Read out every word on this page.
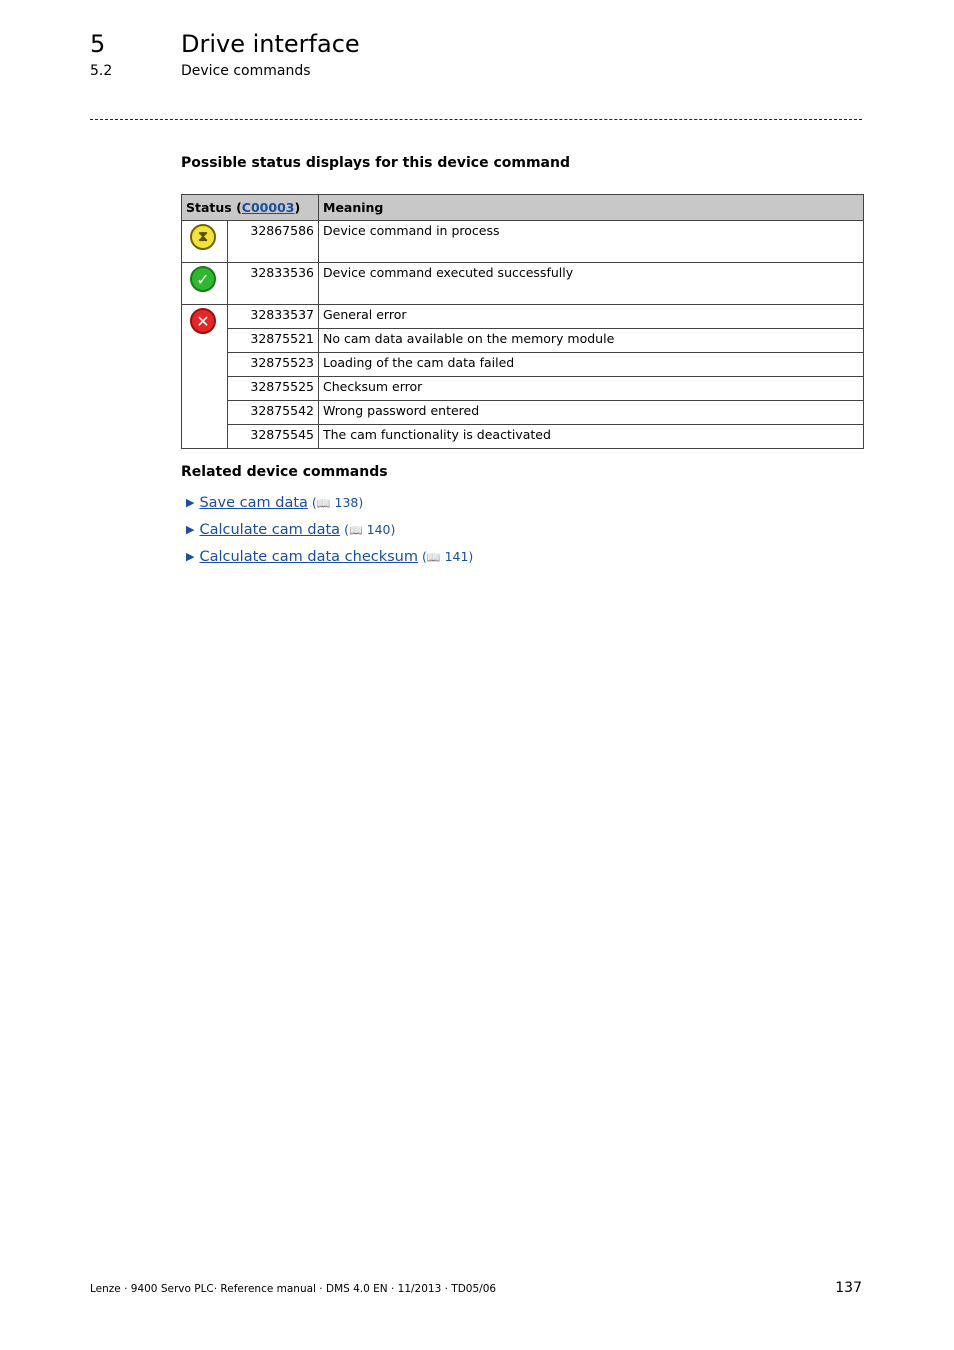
5	Drive interface
5.2	Device commands
Possible status displays for this device command
Status (C00003)		Meaning

⧗	32867586	Device command in process

✓	32833536	Device command executed successfully

✕	32833537	General error
	32875521	No cam data available on the memory module
	32875523	Loading of the cam data failed
	32875525	Checksum error
	32875542	Wrong password entered
	32875545	The cam functionality is deactivated
Related device commands
▶ Save cam data (📖 138)
▶ Calculate cam data (📖 140)
▶ Calculate cam data checksum (📖 141)
Lenze · 9400 Servo PLC· Reference manual · DMS 4.0 EN · 11/2013 · TD05/06	137
